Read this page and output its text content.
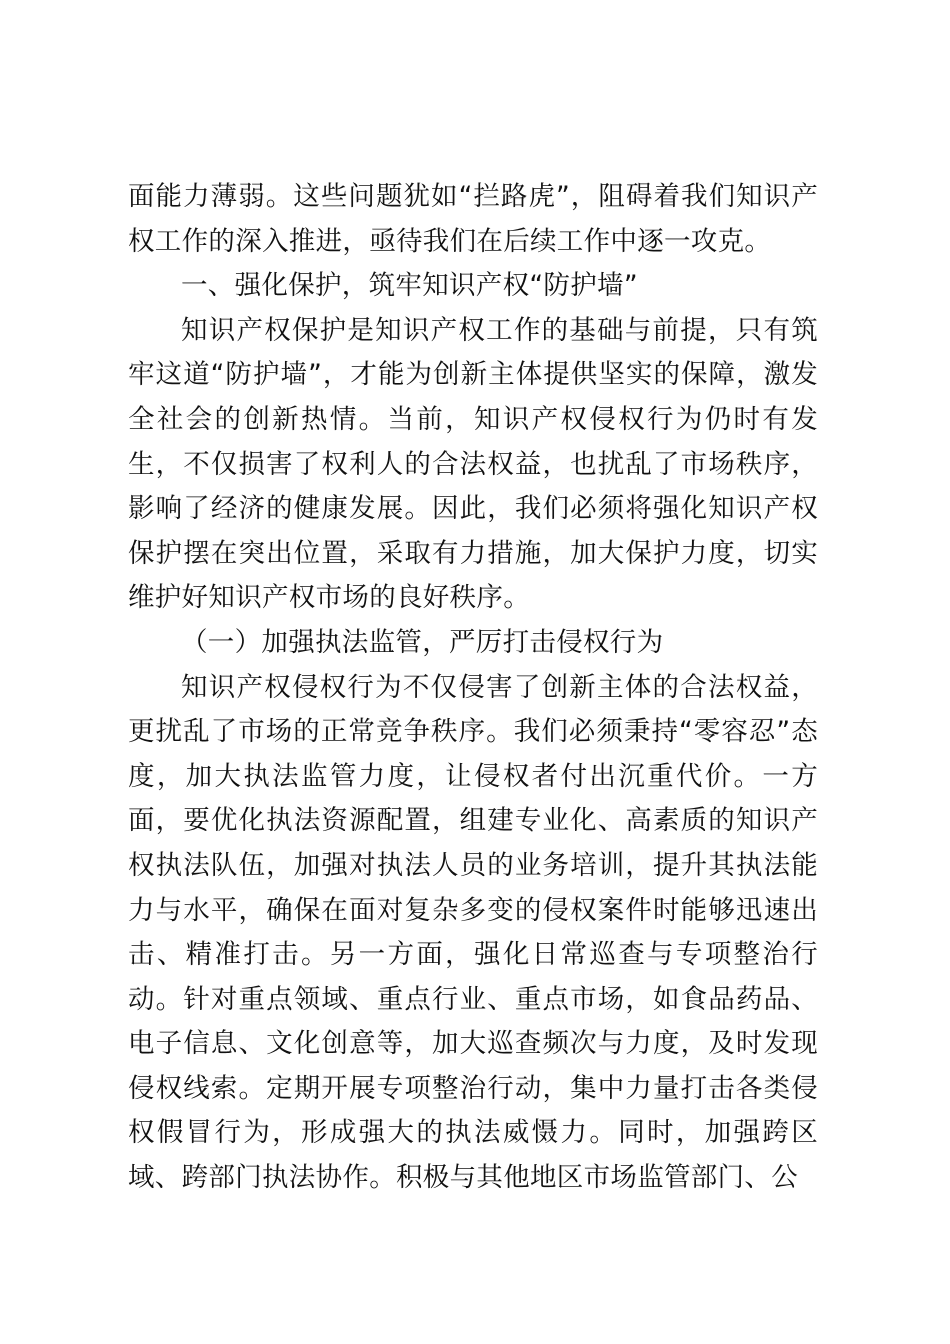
面能力薄弱。这些问题犹如“拦路虎”，阻碍着我们知识产权工作的深入推进，亟待我们在后续工作中逐一攻克。

一、强化保护，筑牢知识产权“防护墙”

知识产权保护是知识产权工作的基础与前提，只有筑牢这道“防护墙”，才能为创新主体提供坚实的保障，激发全社会的创新热情。当前，知识产权侵权行为仍时有发生，不仅损害了权利人的合法权益，也扰乱了市场秩序，影响了经济的健康发展。因此，我们必须将强化知识产权保护摆在突出位置，采取有力措施，加大保护力度，切实维护好知识产权市场的良好秩序。

（一）加强执法监管，严厉打击侵权行为

知识产权侵权行为不仅侵害了创新主体的合法权益，更扰乱了市场的正常竞争秩序。我们必须秉持“零容忍”态度，加大执法监管力度，让侵权者付出沉重代价。一方面，要优化执法资源配置，组建专业化、高素质的知识产权执法队伍，加强对执法人员的业务培训，提升其执法能力与水平，确保在面对复杂多变的侵权案件时能够迅速出击、精准打击。另一方面，强化日常巡查与专项整治行动。针对重点领域、重点行业、重点市场，如食品药品、电子信息、文化创意等，加大巡查频次与力度，及时发现侵权线索。定期开展专项整治行动，集中力量打击各类侵权假冒行为，形成强大的执法威慑力。同时，加强跨区域、跨部门执法协作。积极与其他地区市场监管部门、公
